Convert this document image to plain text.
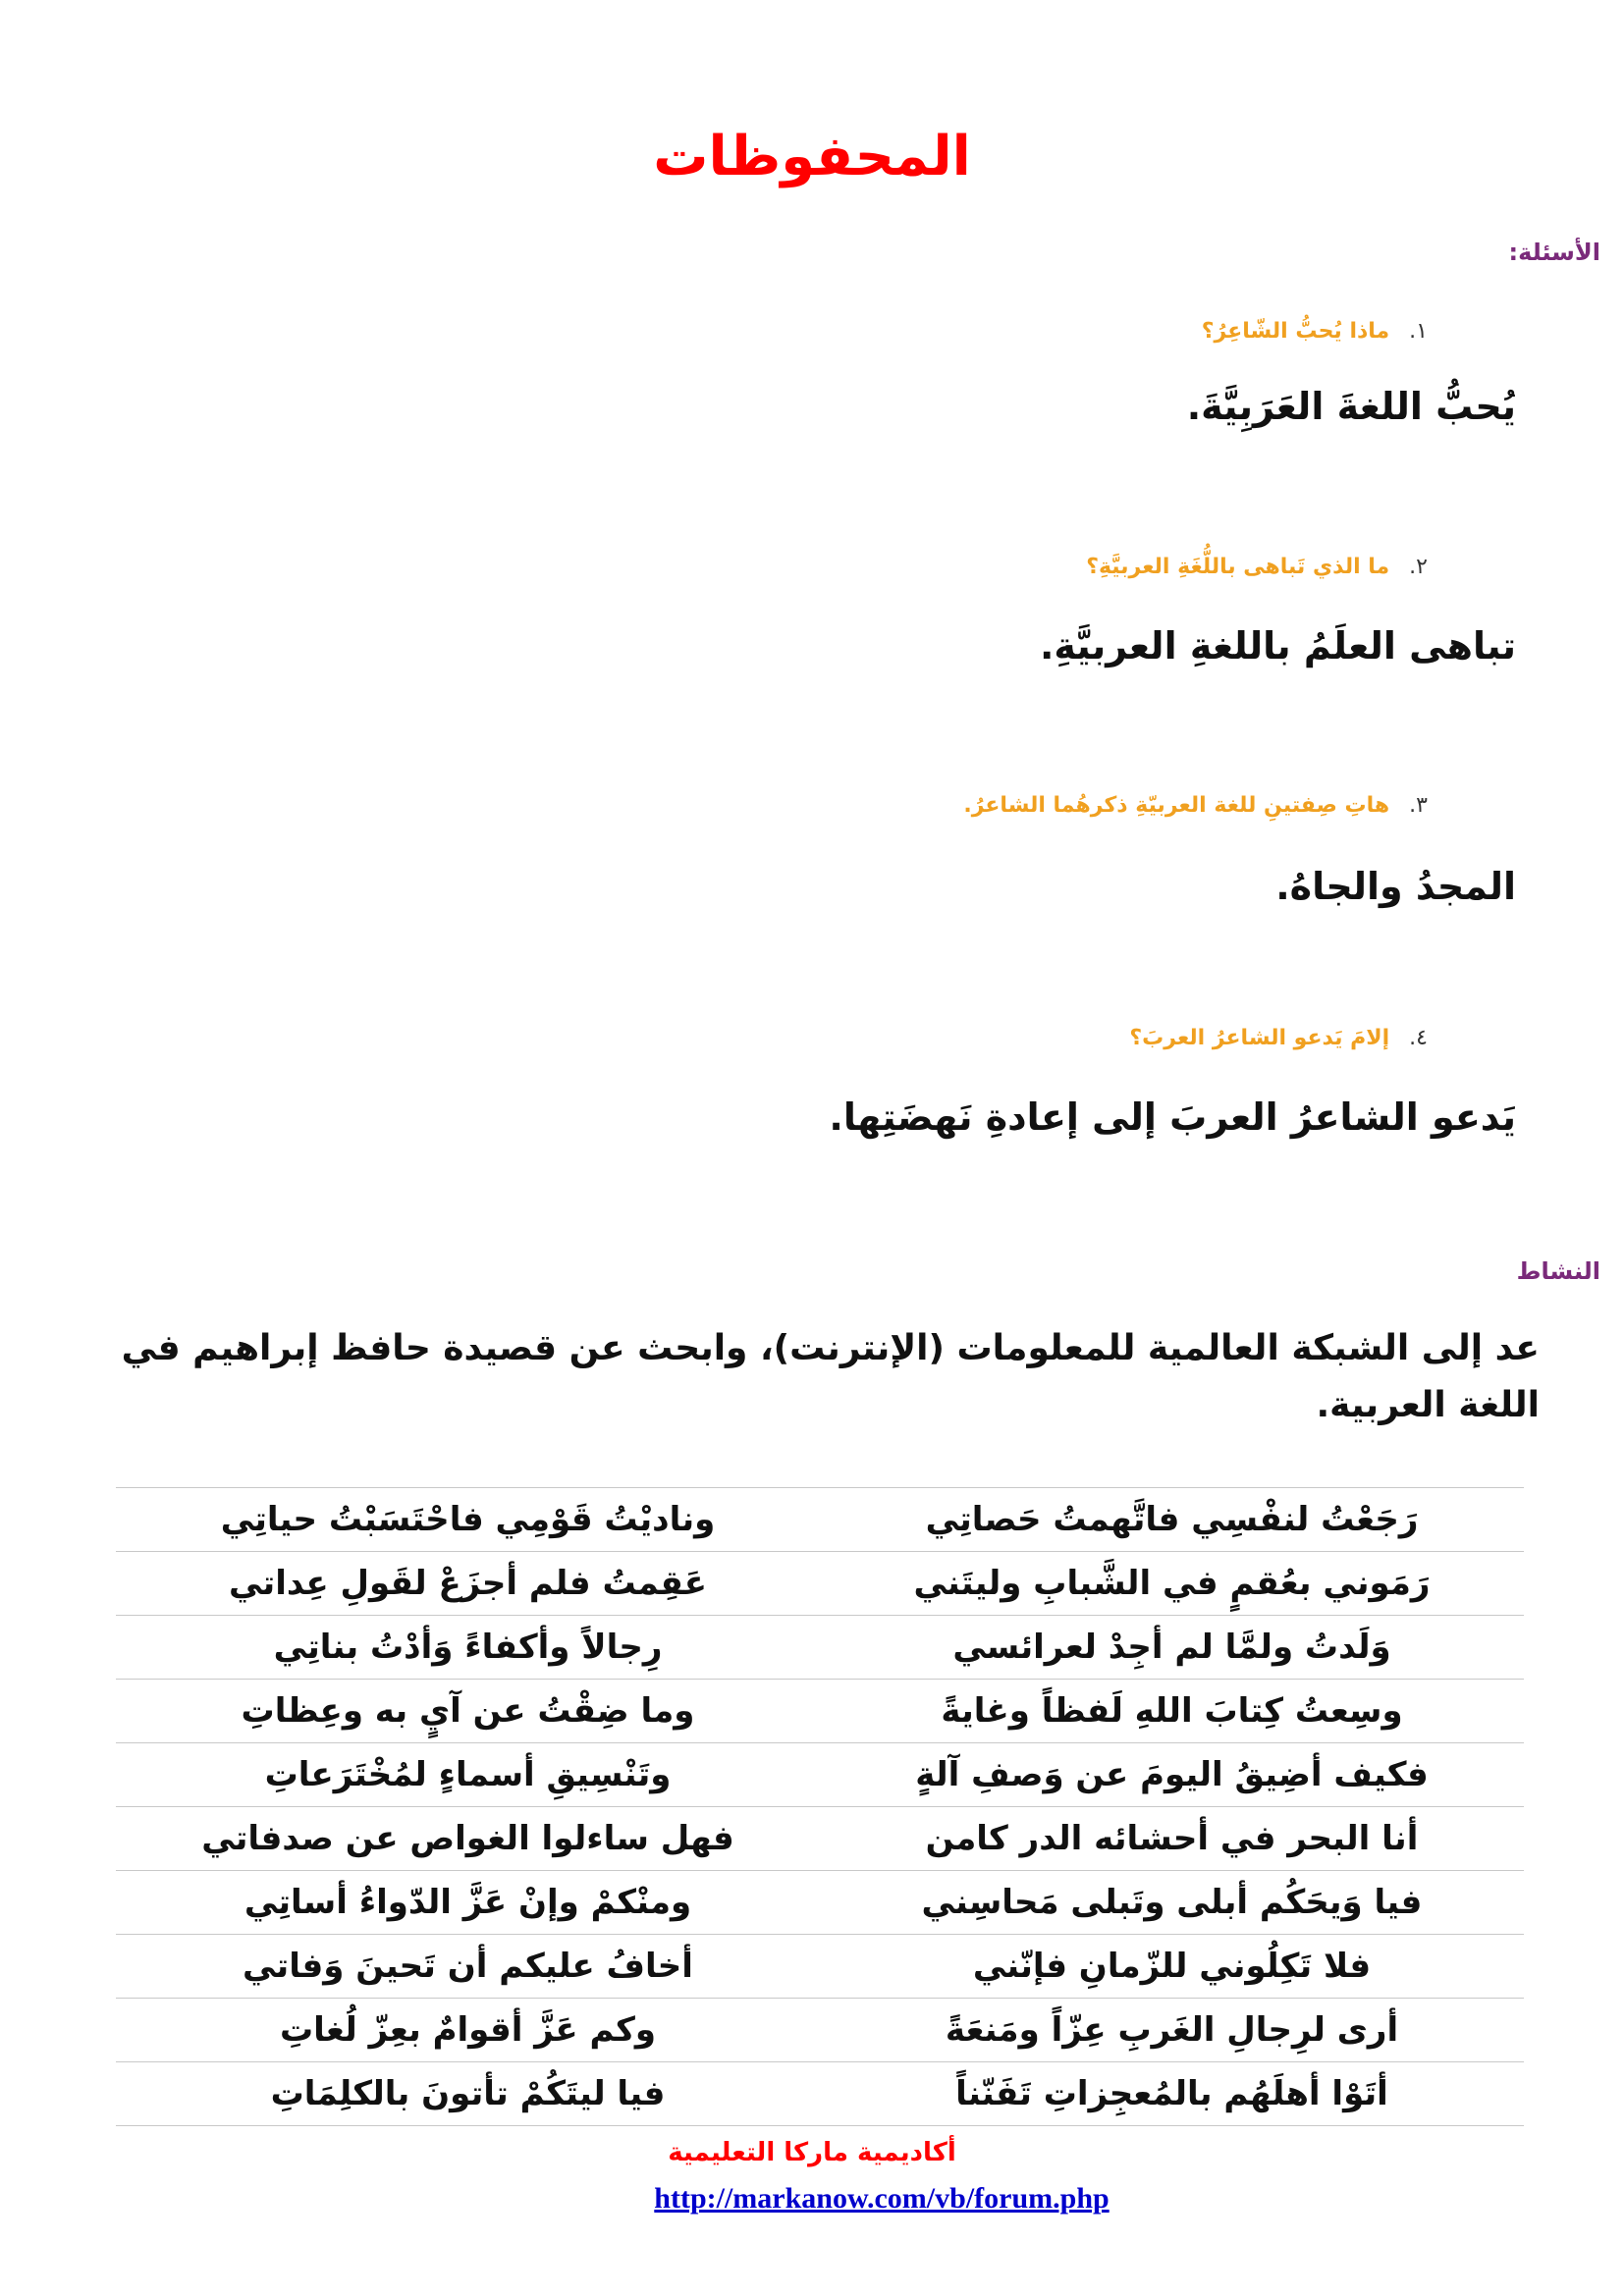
المحفوظات
الأسئلة:
١.
ماذا يُحبُّ الشّاعِرُ؟
يُحبُّ اللغةَ العَرَبِيَّةَ.
٢.
ما الذي تَباهى باللُّغَةِ العربيَّةِ؟
تباهى العلَمُ باللغةِ العربيَّةِ.
٣.
هاتِ صِفتينِ للغة العربيّةِ ذكرهُما الشاعرُ.
المجدُ والجاهُ.
٤.
إلامَ يَدعو الشاعرُ العربَ؟
يَدعو الشاعرُ العربَ إلى إعادةِ نَهضَتِها.
النشاط
عد إلى الشبكة العالمية للمعلومات (الإنترنت)، وابحث عن قصيدة حافظ إبراهيم في اللغة العربية.
رَجَعْتُ لنفْسِي فاتَّهمتُ حَصاتِي
وناديْتُ قَوْمِي فاحْتَسَبْتُ حياتِي
رَمَوني بعُقمٍ في الشَّبابِ وليتَني
عَقِمتُ فلم أجزَعْ لقَولِ عِداتي
وَلَدتُ ولمَّا لم أجِدْ لعرائسي
رِجالاً وأكفاءً وَأدْتُ بناتِي
وسِعتُ كِتابَ اللهِ لَفظاً وغايةً
وما ضِقْتُ عن آيٍ به وعِظاتِ
فكيف أضِيقُ اليومَ عن وَصفِ آلةٍ
وتَنْسِيقِ أسماءٍ لمُخْتَرَعاتِ
أنا البحر في أحشائه الدر كامن
فهل ساءلوا الغواص عن صدفاتي
فيا وَيحَكُم أبلى وتَبلى مَحاسِني
ومنْكمْ وإنْ عَزَّ الدّواءُ أساتِي
فلا تَكِلُوني للزّمانِ فإنّني
أخافُ عليكم أن تَحينَ وَفاتي
أرى لرِجالِ الغَربِ عِزّاً ومَنعَةً
وكم عَزَّ أقوامٌ بعِزّ لُغاتِ
أتَوْا أهلَهُم بالمُعجِزاتِ تَفَنّناً
فيا ليتَكُمْ تأتونَ بالكلِمَاتِ
أكاديمية ماركا التعليمية
http://markanow.com/vb/forum.php
